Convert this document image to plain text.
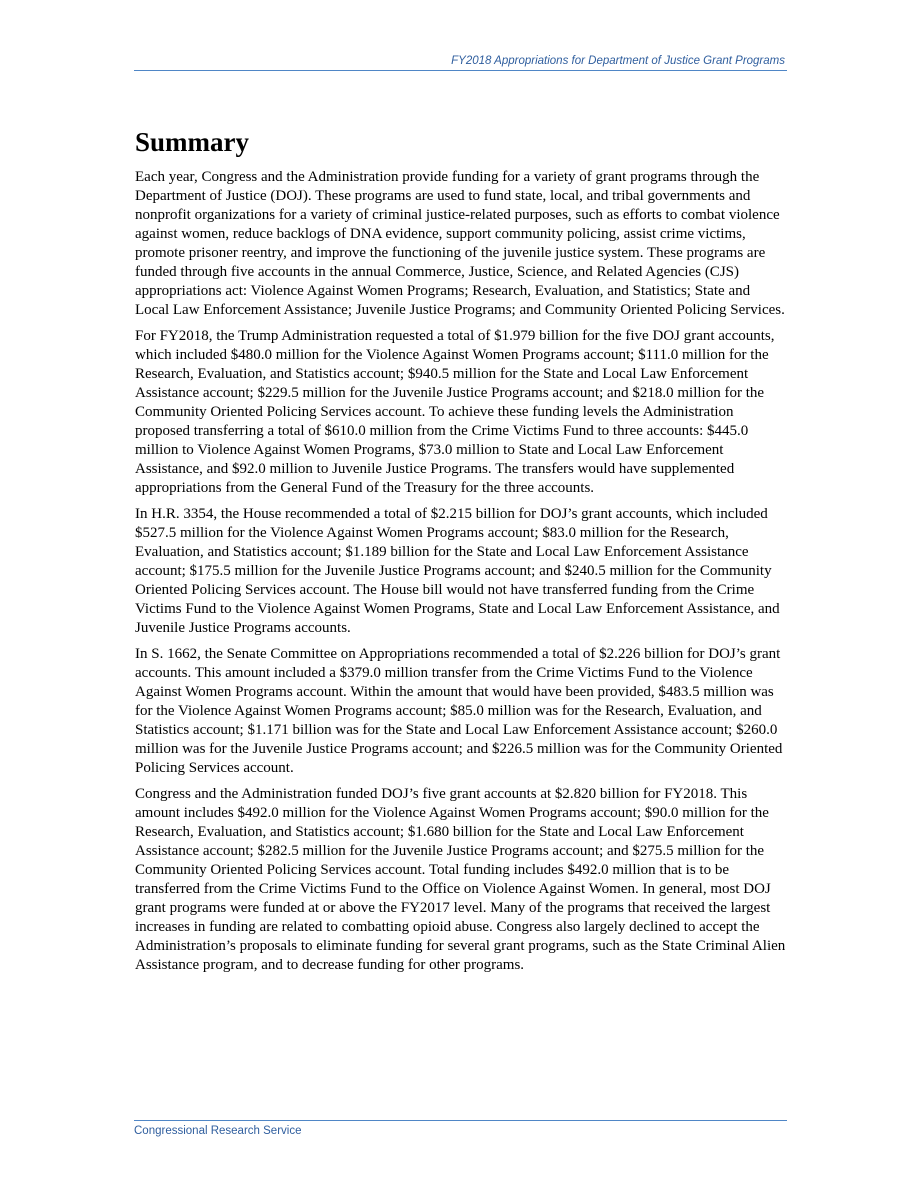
FY2018 Appropriations for Department of Justice Grant Programs
Summary

Each year, Congress and the Administration provide funding for a variety of grant programs through the Department of Justice (DOJ). These programs are used to fund state, local, and tribal governments and nonprofit organizations for a variety of criminal justice-related purposes, such as efforts to combat violence against women, reduce backlogs of DNA evidence, support community policing, assist crime victims, promote prisoner reentry, and improve the functioning of the juvenile justice system. These programs are funded through five accounts in the annual Commerce, Justice, Science, and Related Agencies (CJS) appropriations act: Violence Against Women Programs; Research, Evaluation, and Statistics; State and Local Law Enforcement Assistance; Juvenile Justice Programs; and Community Oriented Policing Services.

For FY2018, the Trump Administration requested a total of $1.979 billion for the five DOJ grant accounts, which included $480.0 million for the Violence Against Women Programs account; $111.0 million for the Research, Evaluation, and Statistics account; $940.5 million for the State and Local Law Enforcement Assistance account; $229.5 million for the Juvenile Justice Programs account; and $218.0 million for the Community Oriented Policing Services account. To achieve these funding levels the Administration proposed transferring a total of $610.0 million from the Crime Victims Fund to three accounts: $445.0 million to Violence Against Women Programs, $73.0 million to State and Local Law Enforcement Assistance, and $92.0 million to Juvenile Justice Programs. The transfers would have supplemented appropriations from the General Fund of the Treasury for the three accounts.

In H.R. 3354, the House recommended a total of $2.215 billion for DOJ’s grant accounts, which included $527.5 million for the Violence Against Women Programs account; $83.0 million for the Research, Evaluation, and Statistics account; $1.189 billion for the State and Local Law Enforcement Assistance account; $175.5 million for the Juvenile Justice Programs account; and $240.5 million for the Community Oriented Policing Services account. The House bill would not have transferred funding from the Crime Victims Fund to the Violence Against Women Programs, State and Local Law Enforcement Assistance, and Juvenile Justice Programs accounts.

In S. 1662, the Senate Committee on Appropriations recommended a total of $2.226 billion for DOJ’s grant accounts. This amount included a $379.0 million transfer from the Crime Victims Fund to the Violence Against Women Programs account. Within the amount that would have been provided, $483.5 million was for the Violence Against Women Programs account; $85.0 million was for the Research, Evaluation, and Statistics account; $1.171 billion was for the State and Local Law Enforcement Assistance account; $260.0 million was for the Juvenile Justice Programs account; and $226.5 million was for the Community Oriented Policing Services account.

Congress and the Administration funded DOJ’s five grant accounts at $2.820 billion for FY2018. This amount includes $492.0 million for the Violence Against Women Programs account; $90.0 million for the Research, Evaluation, and Statistics account; $1.680 billion for the State and Local Law Enforcement Assistance account; $282.5 million for the Juvenile Justice Programs account; and $275.5 million for the Community Oriented Policing Services account. Total funding includes $492.0 million that is to be transferred from the Crime Victims Fund to the Office on Violence Against Women. In general, most DOJ grant programs were funded at or above the FY2017 level. Many of the programs that received the largest increases in funding are related to combatting opioid abuse. Congress also largely declined to accept the Administration’s proposals to eliminate funding for several grant programs, such as the State Criminal Alien Assistance program, and to decrease funding for other programs.

Congressional Research Service
